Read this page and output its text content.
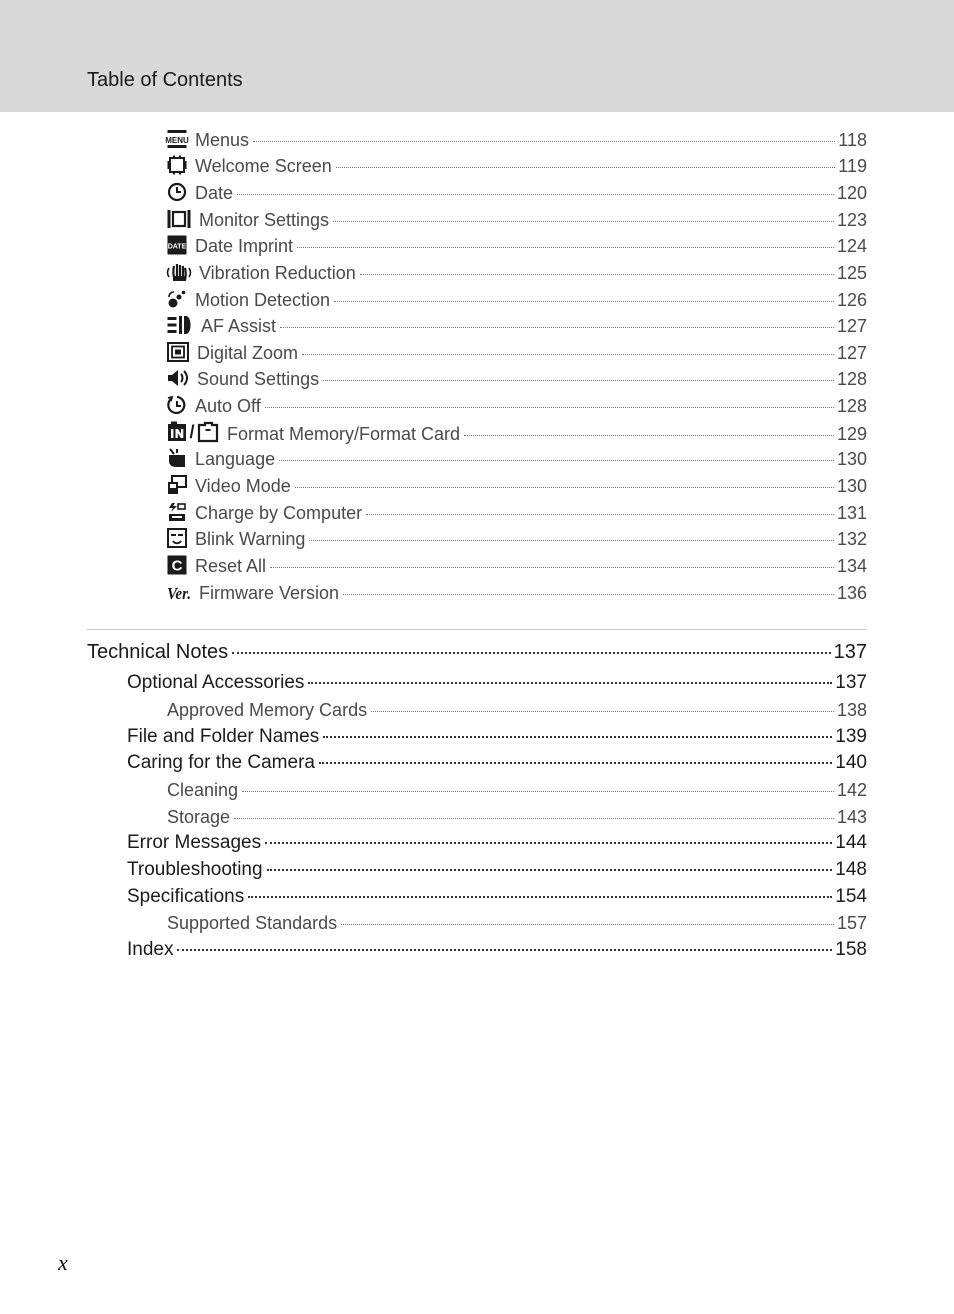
Table of Contents
MENU Menus	118
Welcome Screen	119
Date	120
Monitor Settings	123
DATE Date Imprint	124
Vibration Reduction	125
Motion Detection	126
AF Assist	127
Digital Zoom	127
Sound Settings	128
Auto Off	128
/ Format Memory/Format Card	129
Language	130
Video Mode	130
Charge by Computer	131
Blink Warning	132
C Reset All	134
Ver. Firmware Version	136
Technical Notes	137
Optional Accessories	137
Approved Memory Cards	138
File and Folder Names	139
Caring for the Camera	140
Cleaning	142
Storage	143
Error Messages	144
Troubleshooting	148
Specifications	154
Supported Standards	157
Index	158
x
